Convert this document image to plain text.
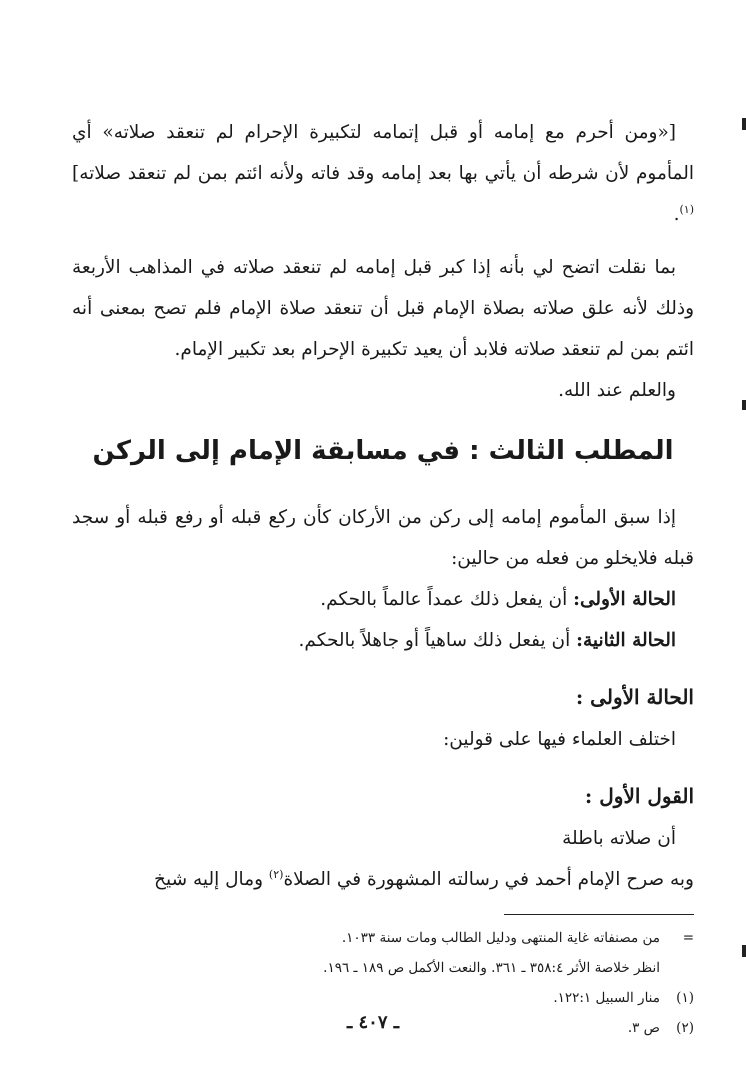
[«ومن أحرم مع إمامه أو قبل إتمامه لتكبيرة الإحرام لم تنعقد صلاته» أي المأموم لأن شرطه أن يأتي بها بعد إمامه وقد فاته ولأنه ائتم بمن لم تنعقد صلاته]$^{(١)}$.

بما نقلت اتضح لي بأنه إذا كبر قبل إمامه لم تنعقد صلاته في المذاهب الأربعة وذلك لأنه علق صلاته بصلاة الإمام قبل أن تنعقد صلاة الإمام فلم تصح بمعنى أنه ائتم بمن لم تنعقد صلاته فلابد أن يعيد تكبيرة الإحرام بعد تكبير الإمام.

والعلم عند الله.

المطلب الثالث : في مسابقة الإمام إلى الركن

إذا سبق المأموم إمامه إلى ركن من الأركان كأن ركع قبله أو رفع قبله أو سجد قبله فلايخلو من فعله من حالين:

الحالة الأولى: أن يفعل ذلك عمداً عالماً بالحكم.

الحالة الثانية: أن يفعل ذلك ساهياً أو جاهلاً بالحكم.

الحالة الأولى :

اختلف العلماء فيها على قولين:

القول الأول :

أن صلاته باطلة

وبه صرح الإمام أحمد في رسالته المشهورة في الصلاة$^{(٢)}$ ومال إليه شيخ

=من مصنفاته غاية المنتهى ودليل الطالب ومات سنة ١٠٣٣.
انظر خلاصة الأثر ٣٥٨:٤ ـ ٣٦١. والنعت الأكمل ص ١٨٩ ـ ١٩٦.
(١)منار السبيل ١٢٢:١.
(٢)ص ٣.
ـ ٤٠٧ ـ
